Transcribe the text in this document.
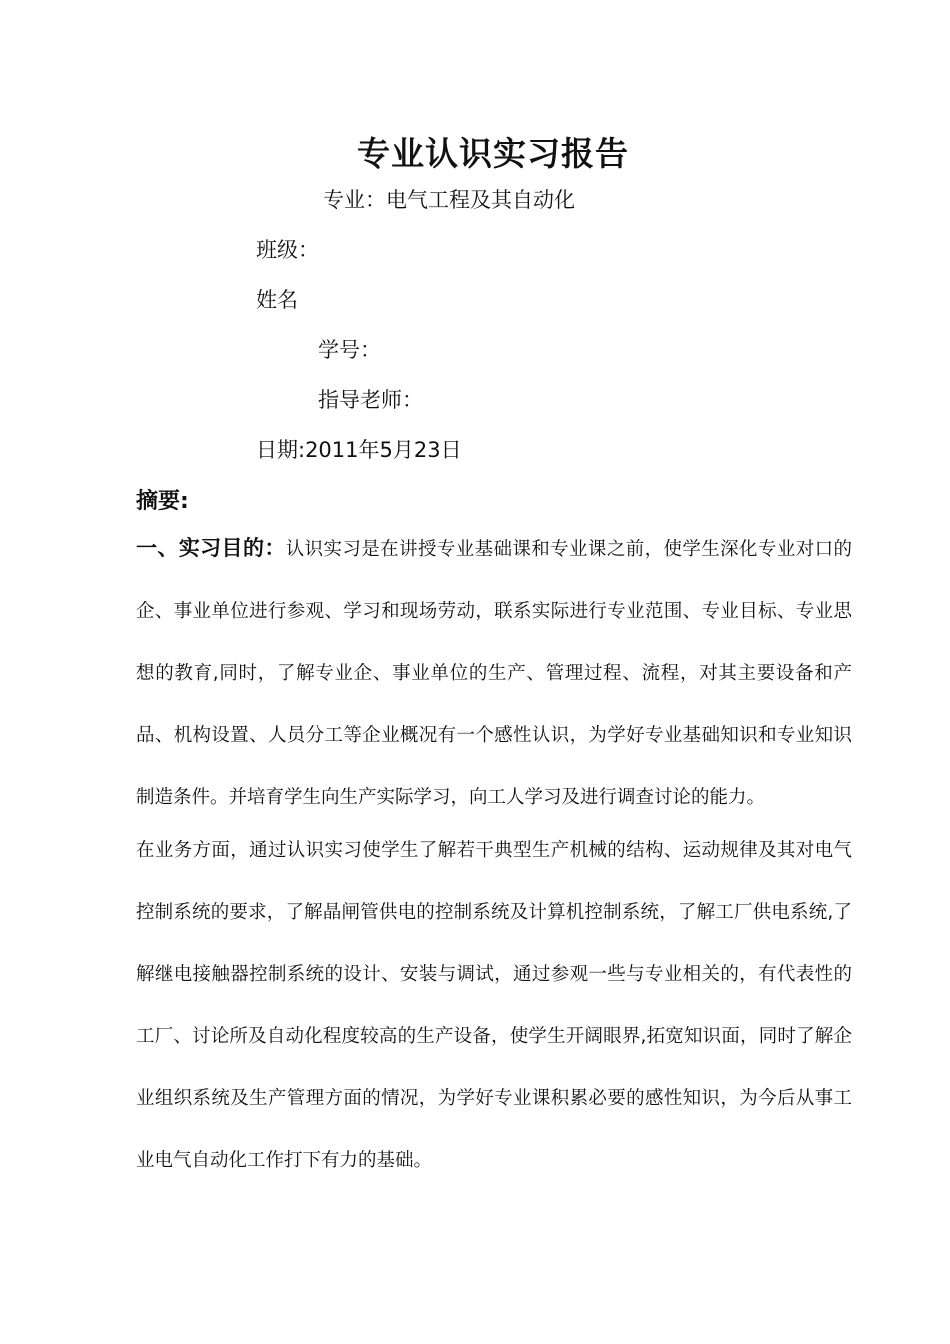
专业认识实习报告

专业：电气工程及其自动化

班级：

姓名

学号：

指导老师：

日期:2011年5月23日

摘要:

一、实习目的：认识实习是在讲授专业基础课和专业课之前，使学生深化专业对口的企、事业单位进行参观、学习和现场劳动，联系实际进行专业范围、专业目标、专业思想的教育,同时，了解专业企、事业单位的生产、管理过程、流程，对其主要设备和产品、机构设置、人员分工等企业概况有一个感性认识，为学好专业基础知识和专业知识制造条件。并培育学生向生产实际学习，向工人学习及进行调查讨论的能力。

在业务方面，通过认识实习使学生了解若干典型生产机械的结构、运动规律及其对电气控制系统的要求，了解晶闸管供电的控制系统及计算机控制系统，了解工厂供电系统,了解继电接触器控制系统的设计、安装与调试，通过参观一些与专业相关的，有代表性的工厂、讨论所及自动化程度较高的生产设备，使学生开阔眼界,拓宽知识面，同时了解企业组织系统及生产管理方面的情况，为学好专业课积累必要的感性知识，为今后从事工业电气自动化工作打下有力的基础。
